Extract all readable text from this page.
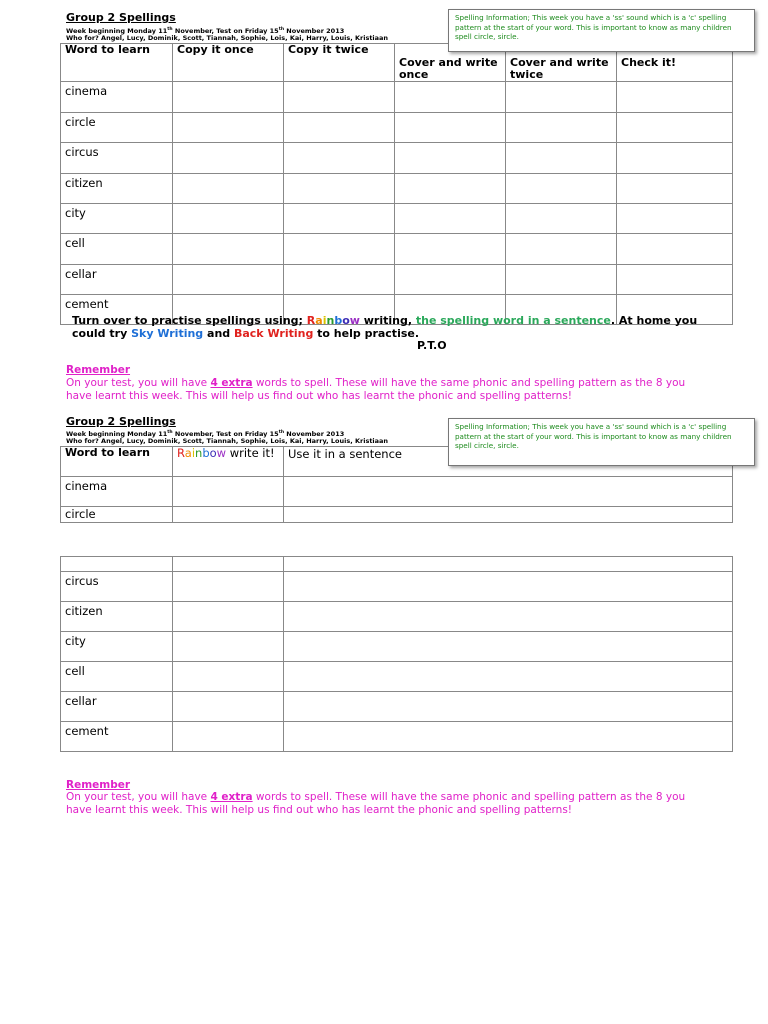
Group 2 Spellings
Week beginning Monday 11th November, Test on Friday 15th November 2013
Who for? Angel, Lucy, Dominik, Scott, Tiannah, Sophie, Lois, Kai, Harry, Louis, Kristiaan
Word to learn	Copy it once	Copy it twice	Cover and write once	Cover and write twice	Check it!
cinema					
circle					
circus					
citizen					
city					
cell					
cellar					
cement					
Spelling Information; This week you have a 'ss' sound which is a 'c' spelling pattern at the start of your word. This is important to know as many children spell circle, sircle.
Turn over to practise spellings using; Rainbow writing, the spelling word in a sentence. At home you could try Sky Writing and Back Writing to help practise.
P.T.O
Remember
On your test, you will have 4 extra words to spell. These will have the same phonic and spelling pattern as the 8 you have learnt this week. This will help us find out who has learnt the phonic and spelling patterns!
Group 2 Spellings
Week beginning Monday 11th November, Test on Friday 15th November 2013
Who for? Angel, Lucy, Dominik, Scott, Tiannah, Sophie, Lois, Kai, Harry, Louis, Kristiaan
Word to learn	Rainbow write it!	Use it in a sentence
cinema		
circle		
Spelling Information; This week you have a 'ss' sound which is a 'c' spelling pattern at the start of your word. This is important to know as many children spell circle, sircle.

circus		
citizen		
city		
cell		
cellar		
cement		
Remember
On your test, you will have 4 extra words to spell. These will have the same phonic and spelling pattern as the 8 you have learnt this week. This will help us find out who has learnt the phonic and spelling patterns!
